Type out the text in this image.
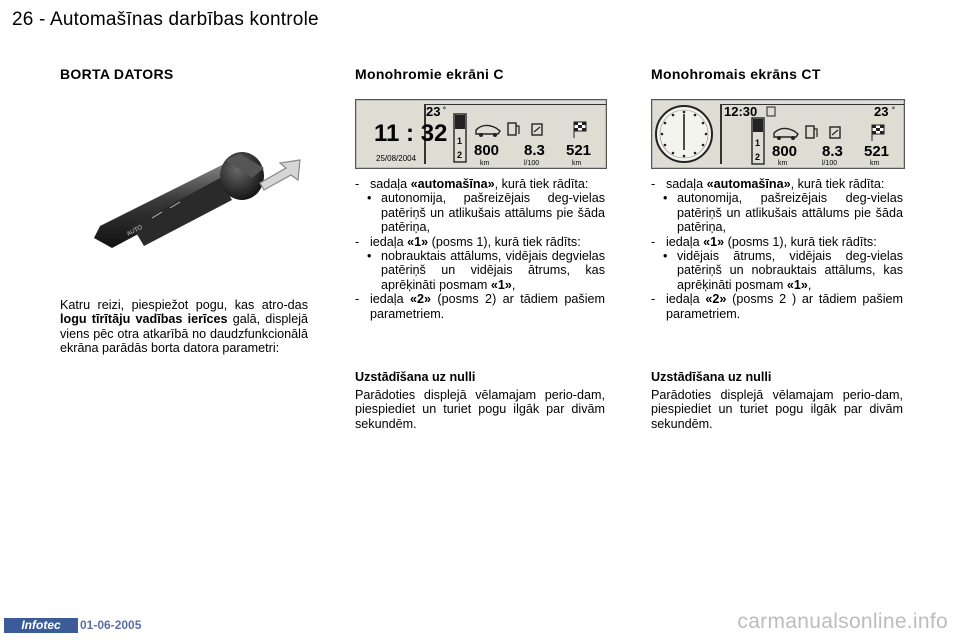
26 - Automašīnas darbības kontrole
BORTA DATORS
AUTO
Katru reizi, piespiežot pogu, kas atro-das logu tīrītāju vadības ierīces galā, displejā viens pēc otra atkarībā no daudzfunkcionālā ekrāna parādās borta datora parametri:
Monohromie ekrāni C
23 °
11 : 32
25/08/2004
1
2 800 8.3 521
km	l/100	km
- sadaļa «automašīna», kurā tiek rādīta:
• autonomija, pašreizējais deg-vielas patēriņš un atlikušais attālums pie šāda patēriņa,
- iedaļa «1» (posms 1), kurā tiek rādīts:
• nobrauktais attālums, vidējais degvielas patēriņš un vidējais ātrums, kas aprēķināti posmam «1»,
- iedaļa «2» (posms 2) ar tādiem pašiem parametriem.
Uzstādīšana uz nulli
Parādoties displejā vēlamajam perio-dam, piespiediet un turiet pogu ilgāk par divām sekundēm.
Monohromais ekrāns CT
12:30	23 °
1
2 800 8.3 521
km	l/100	km
- sadaļa «automašīna», kurā tiek rādīta:
• autonomija, pašreizējais deg-vielas patēriņš un atlikušais attālums pie šāda patēriņa,
- iedaļa «1» (posms 1), kurā tiek rādīts:
• vidējais ātrums, vidējais deg-vielas patēriņš un nobrauktais attālums, kas aprēķināti posmam «1»,
- iedaļa «2» (posms 2 ) ar tādiem pašiem parametriem.
Uzstādīšana uz nulli
Parādoties displejā vēlamajam perio-dam, piespiediet un turiet pogu ilgāk par divām sekundēm.
Infotec	01-06-2005	carmanualsonline.info
